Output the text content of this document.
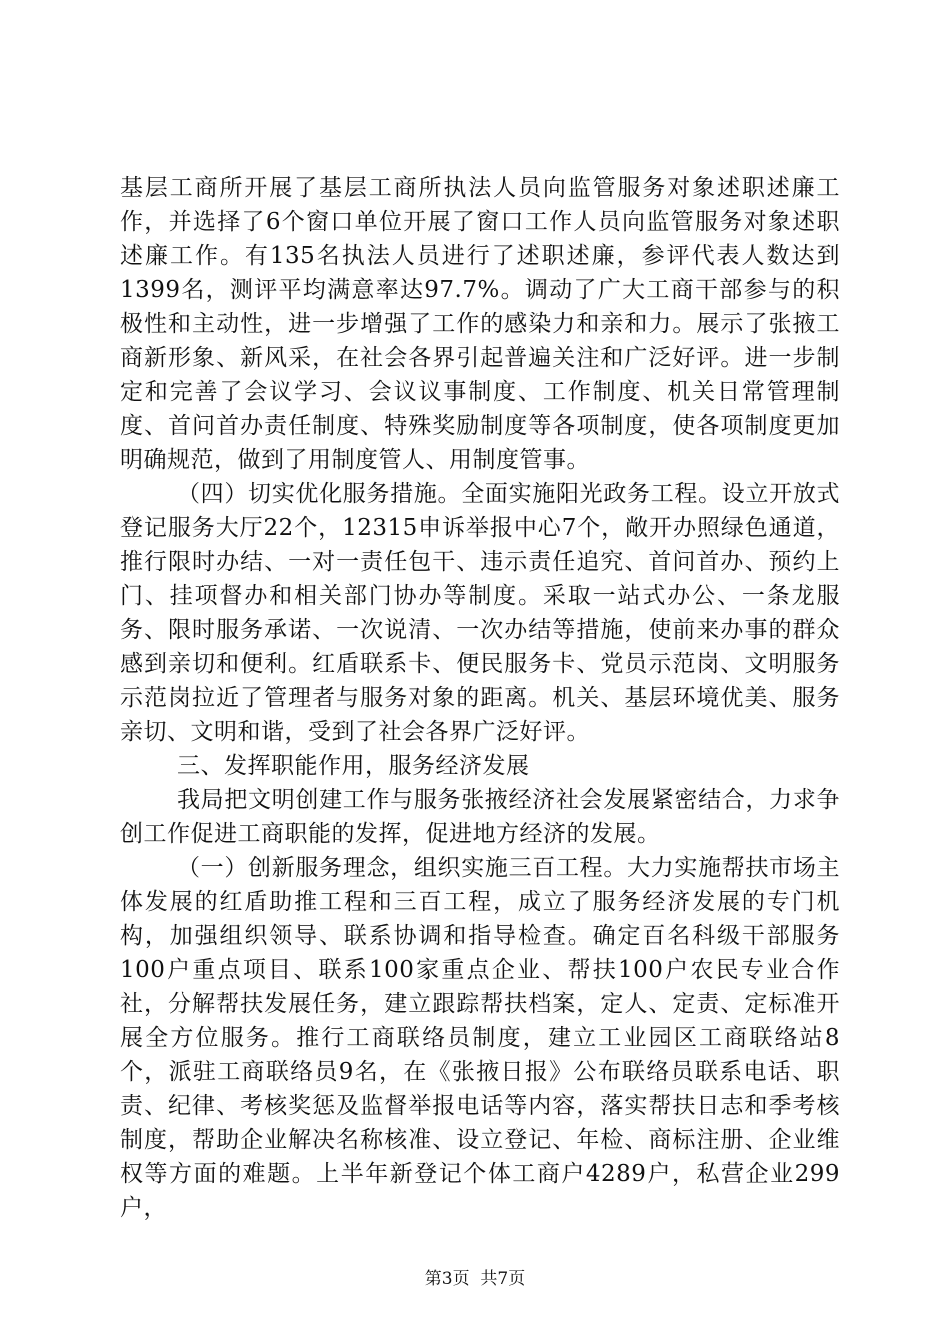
基层工商所开展了基层工商所执法人员向监管服务对象述职述廉工作，并选择了6个窗口单位开展了窗口工作人员向监管服务对象述职述廉工作。有135名执法人员进行了述职述廉，参评代表人数达到1399名，测评平均满意率达97.7%。调动了广大工商干部参与的积极性和主动性，进一步增强了工作的感染力和亲和力。展示了张掖工商新形象、新风采，在社会各界引起普遍关注和广泛好评。进一步制定和完善了会议学习、会议议事制度、工作制度、机关日常管理制度、首问首办责任制度、特殊奖励制度等各项制度，使各项制度更加明确规范，做到了用制度管人、用制度管事。

（四）切实优化服务措施。全面实施阳光政务工程。设立开放式登记服务大厅22个，12315申诉举报中心7个，敞开办照绿色通道，推行限时办结、一对一责任包干、违示责任追究、首问首办、预约上门、挂项督办和相关部门协办等制度。采取一站式办公、一条龙服务、限时服务承诺、一次说清、一次办结等措施，使前来办事的群众感到亲切和便利。红盾联系卡、便民服务卡、党员示范岗、文明服务示范岗拉近了管理者与服务对象的距离。机关、基层环境优美、服务亲切、文明和谐，受到了社会各界广泛好评。

三、发挥职能作用，服务经济发展

我局把文明创建工作与服务张掖经济社会发展紧密结合，力求争创工作促进工商职能的发挥，促进地方经济的发展。

（一）创新服务理念，组织实施三百工程。大力实施帮扶市场主体发展的红盾助推工程和三百工程，成立了服务经济发展的专门机构，加强组织领导、联系协调和指导检查。确定百名科级干部服务100户重点项目、联系100家重点企业、帮扶100户农民专业合作社，分解帮扶发展任务，建立跟踪帮扶档案，定人、定责、定标准开展全方位服务。推行工商联络员制度，建立工业园区工商联络站8个，派驻工商联络员9名，在《张掖日报》公布联络员联系电话、职责、纪律、考核奖惩及监督举报电话等内容，落实帮扶日志和季考核制度，帮助企业解决名称核准、设立登记、年检、商标注册、企业维权等方面的难题。上半年新登记个体工商户4289户，私营企业299户，

第3页  共7页
